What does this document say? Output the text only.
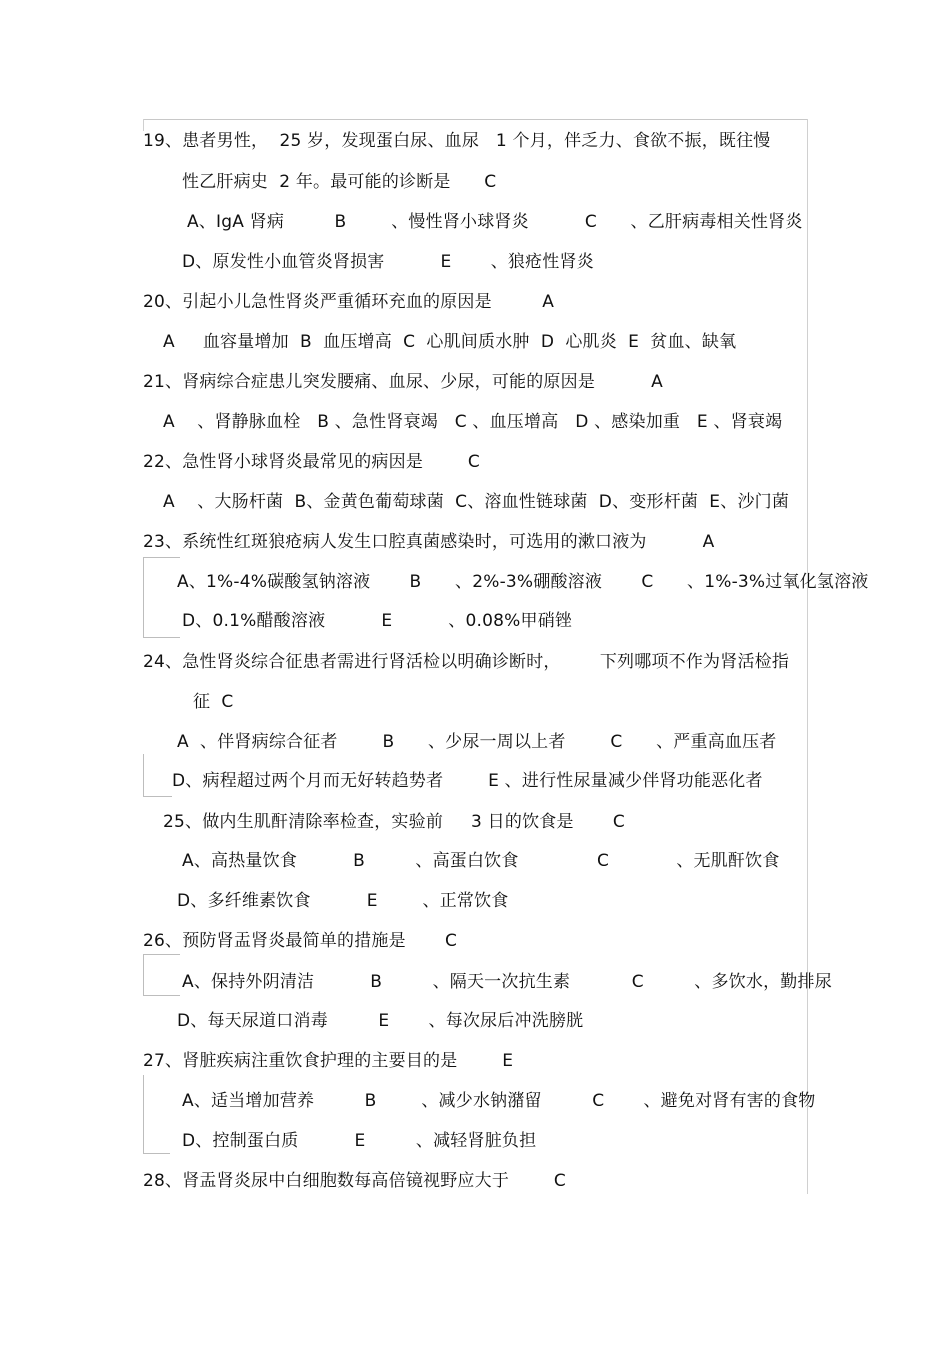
19、患者男性，  25 岁，发现蛋白尿、血尿   1 个月，伴乏力、食欲不振，既往慢
性乙肝病史  2 年。最可能的诊断是      C
A、IgA 肾病         B        、慢性肾小球肾炎          C      、乙肝病毒相关性肾炎
D、原发性小血管炎肾损害          E       、狼疮性肾炎
20、引起小儿急性肾炎严重循环充血的原因是         A
A     血容量增加  B  血压增高  C  心肌间质水肿  D  心肌炎  E  贫血、缺氧
21、肾病综合症患儿突发腰痛、血尿、少尿，可能的原因是          A
A    、肾静脉血栓   B 、急性肾衰竭   C 、血压增高   D 、感染加重   E 、肾衰竭
22、急性肾小球肾炎最常见的病因是        C
A    、大肠杆菌  B、金黄色葡萄球菌  C、溶血性链球菌  D、变形杆菌  E、沙门菌
23、系统性红斑狼疮病人发生口腔真菌感染时，可选用的漱口液为          A
A、1%-4%碳酸氢钠溶液       B      、2%-3%硼酸溶液       C      、1%-3%过氧化氢溶液
D、0.1%醋酸溶液          E          、0.08%甲硝锉
24、急性肾炎综合征患者需进行肾活检以明确诊断时，       下列哪项不作为肾活检指
征  C
A  、伴肾病综合征者        B      、少尿一周以上者        C      、严重高血压者
D、病程超过两个月而无好转趋势者        E 、进行性尿量减少伴肾功能恶化者
25、做内生肌酐清除率检查，实验前     3 日的饮食是       C
A、高热量饮食          B         、高蛋白饮食              C            、无肌酐饮食
D、多纤维素饮食          E        、正常饮食
26、预防肾盂肾炎最简单的措施是       C
A、保持外阴清洁          B         、隔天一次抗生素           C         、多饮水，勤排尿
D、每天尿道口消毒         E       、每次尿后冲洗膀胱
27、肾脏疾病注重饮食护理的主要目的是        E
A、适当增加营养         B        、减少水钠潴留         C       、避免对肾有害的食物
D、控制蛋白质          E         、减轻肾脏负担
28、肾盂肾炎尿中白细胞数每高倍镜视野应大于        C
